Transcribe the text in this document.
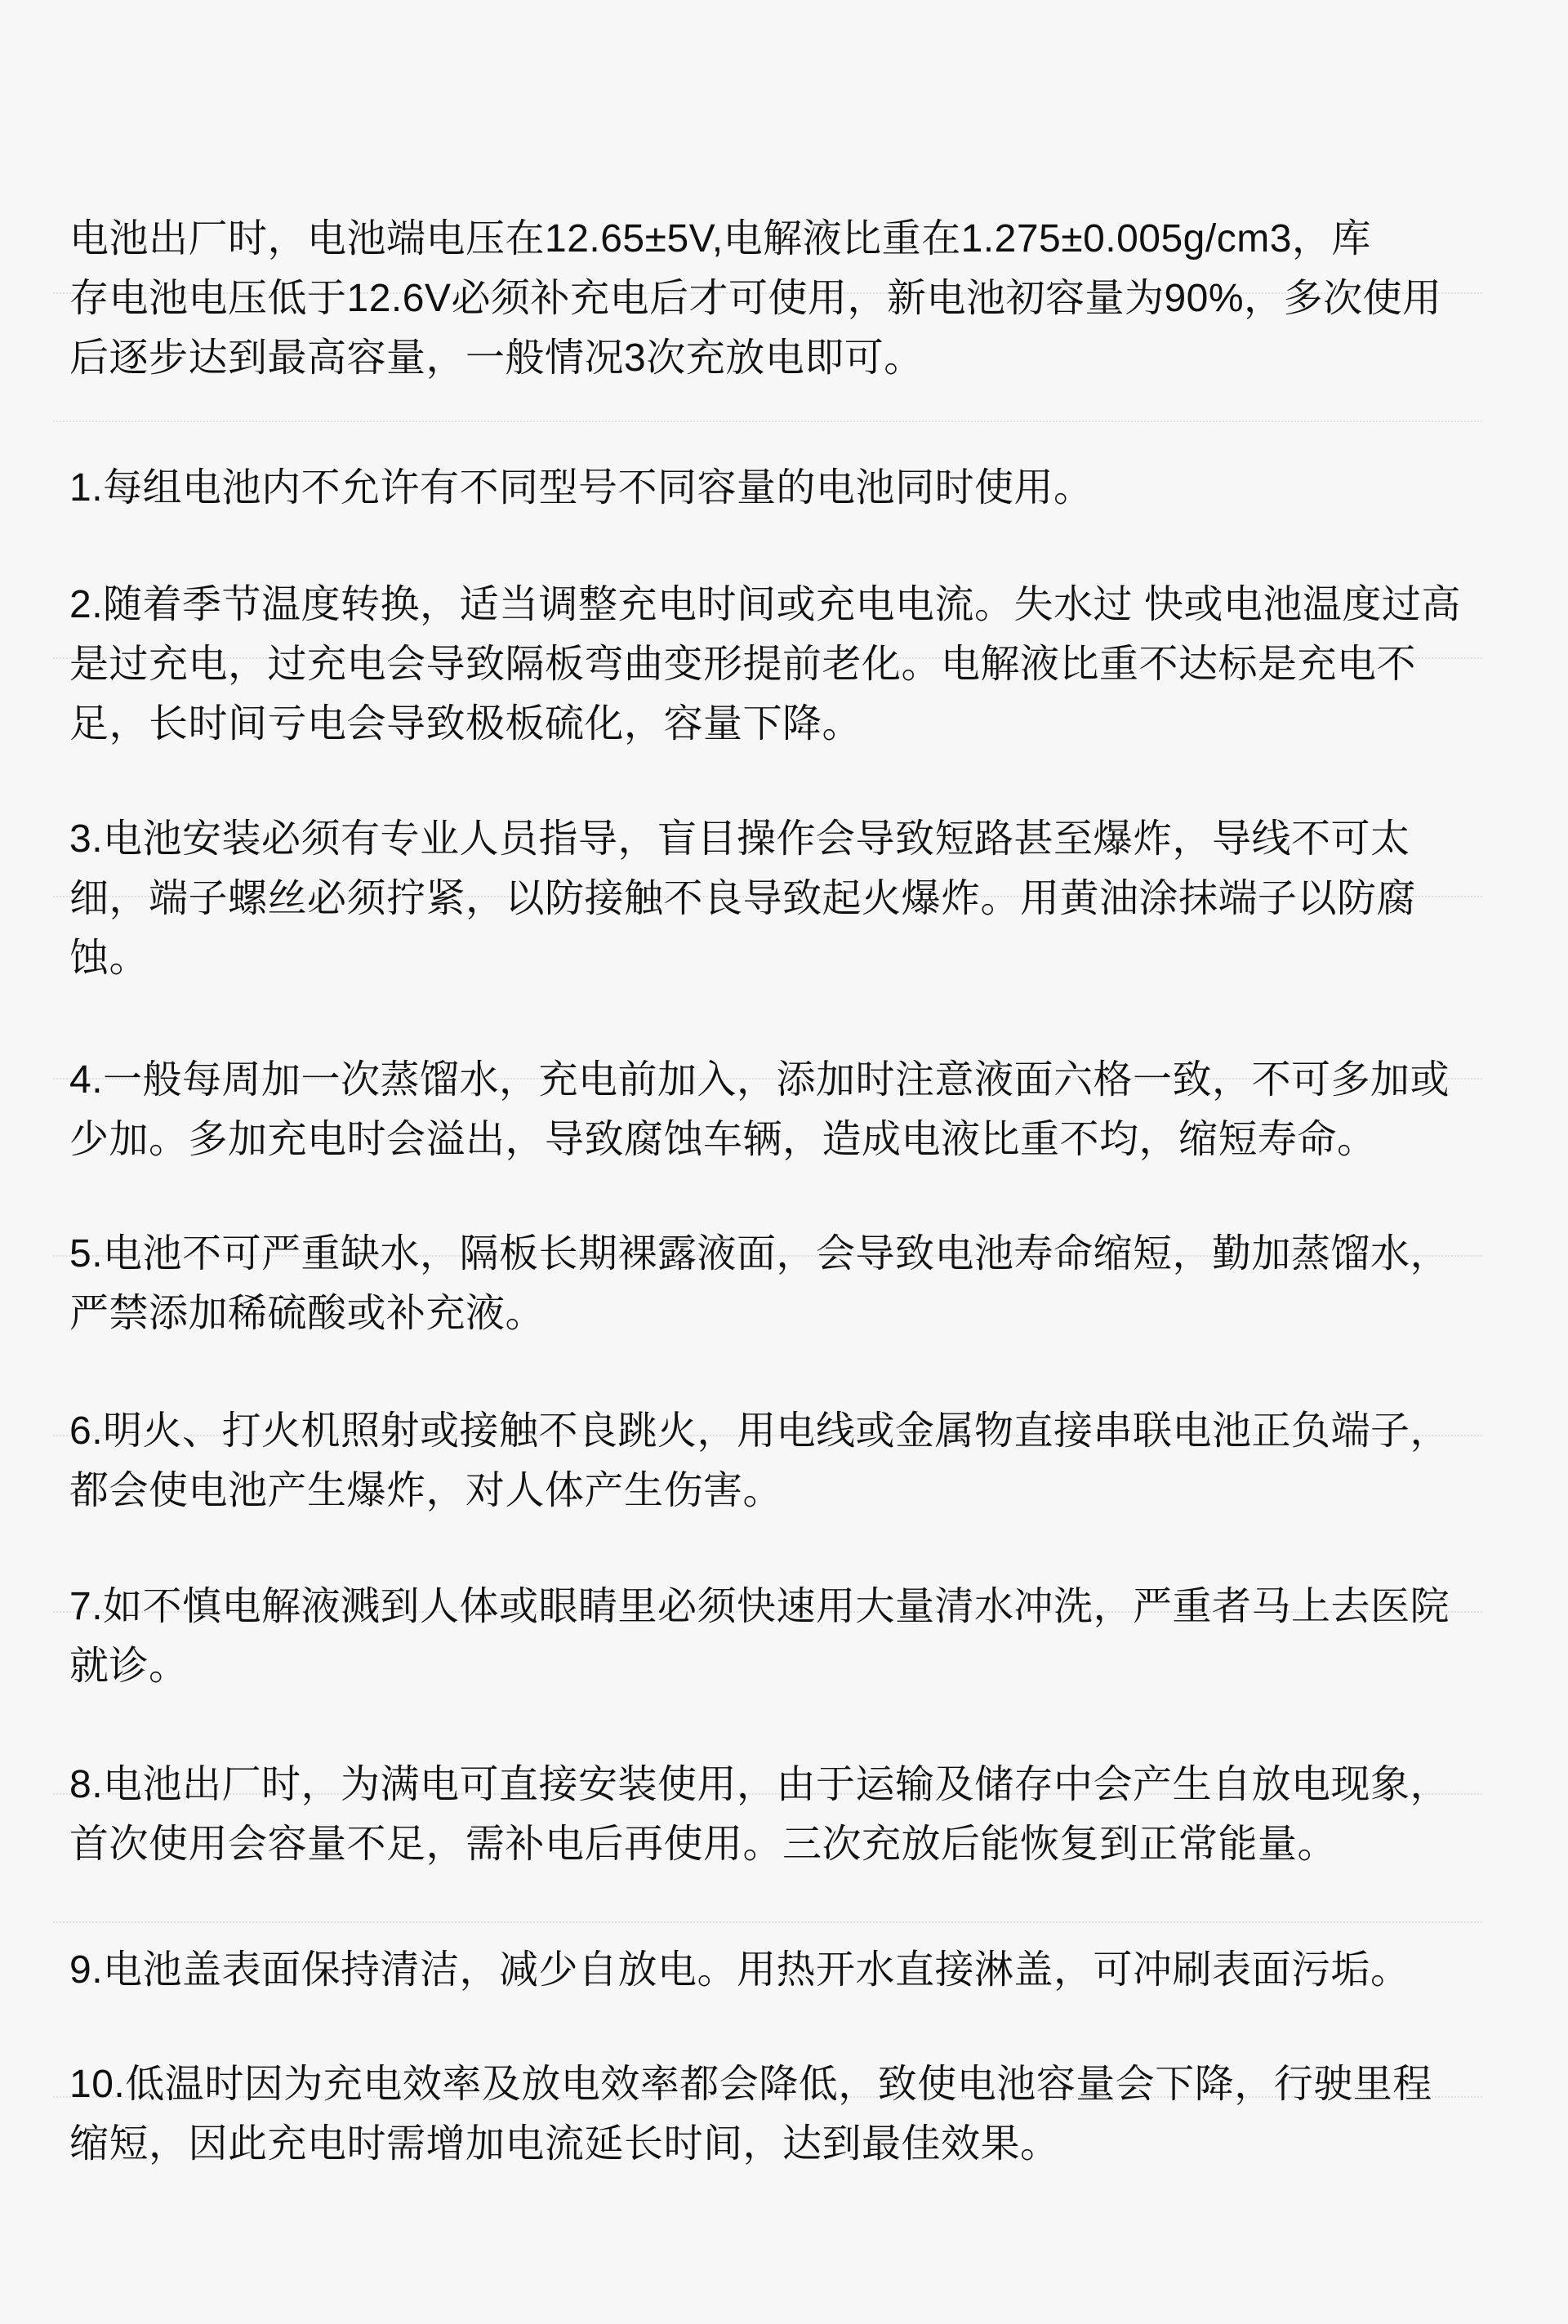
电池出厂时，电池端电压在12.65±5V,电解液比重在1.275±0.005g/cm3，库
存电池电压低于12.6V必须补充电后才可使用，新电池初容量为90%，多次使用
后逐步达到最高容量，一般情况3次充放电即可。
1.每组电池内不允许有不同型号不同容量的电池同时使用。
2.随着季节温度转换，适当调整充电时间或充电电流。失水过 快或电池温度过高
是过充电，过充电会导致隔板弯曲变形提前老化。电解液比重不达标是充电不
足，长时间亏电会导致极板硫化，容量下降。
3.电池安装必须有专业人员指导，盲目操作会导致短路甚至爆炸，导线不可太
细，端子螺丝必须拧紧，以防接触不良导致起火爆炸。用黄油涂抹端子以防腐
蚀。
4.一般每周加一次蒸馏水，充电前加入，添加时注意液面六格一致，不可多加或
少加。多加充电时会溢出，导致腐蚀车辆，造成电液比重不均，缩短寿命。
5.电池不可严重缺水，隔板长期裸露液面，会导致电池寿命缩短，勤加蒸馏水，
严禁添加稀硫酸或补充液。
6.明火、打火机照射或接触不良跳火，用电线或金属物直接串联电池正负端子，
都会使电池产生爆炸，对人体产生伤害。
7.如不慎电解液溅到人体或眼睛里必须快速用大量清水冲洗，严重者马上去医院
就诊。
8.电池出厂时，为满电可直接安装使用，由于运输及储存中会产生自放电现象，
首次使用会容量不足，需补电后再使用。三次充放后能恢复到正常能量。
9.电池盖表面保持清洁，减少自放电。用热开水直接淋盖，可冲刷表面污垢。
10.低温时因为充电效率及放电效率都会降低，致使电池容量会下降，行驶里程
缩短，因此充电时需增加电流延长时间，达到最佳效果。
